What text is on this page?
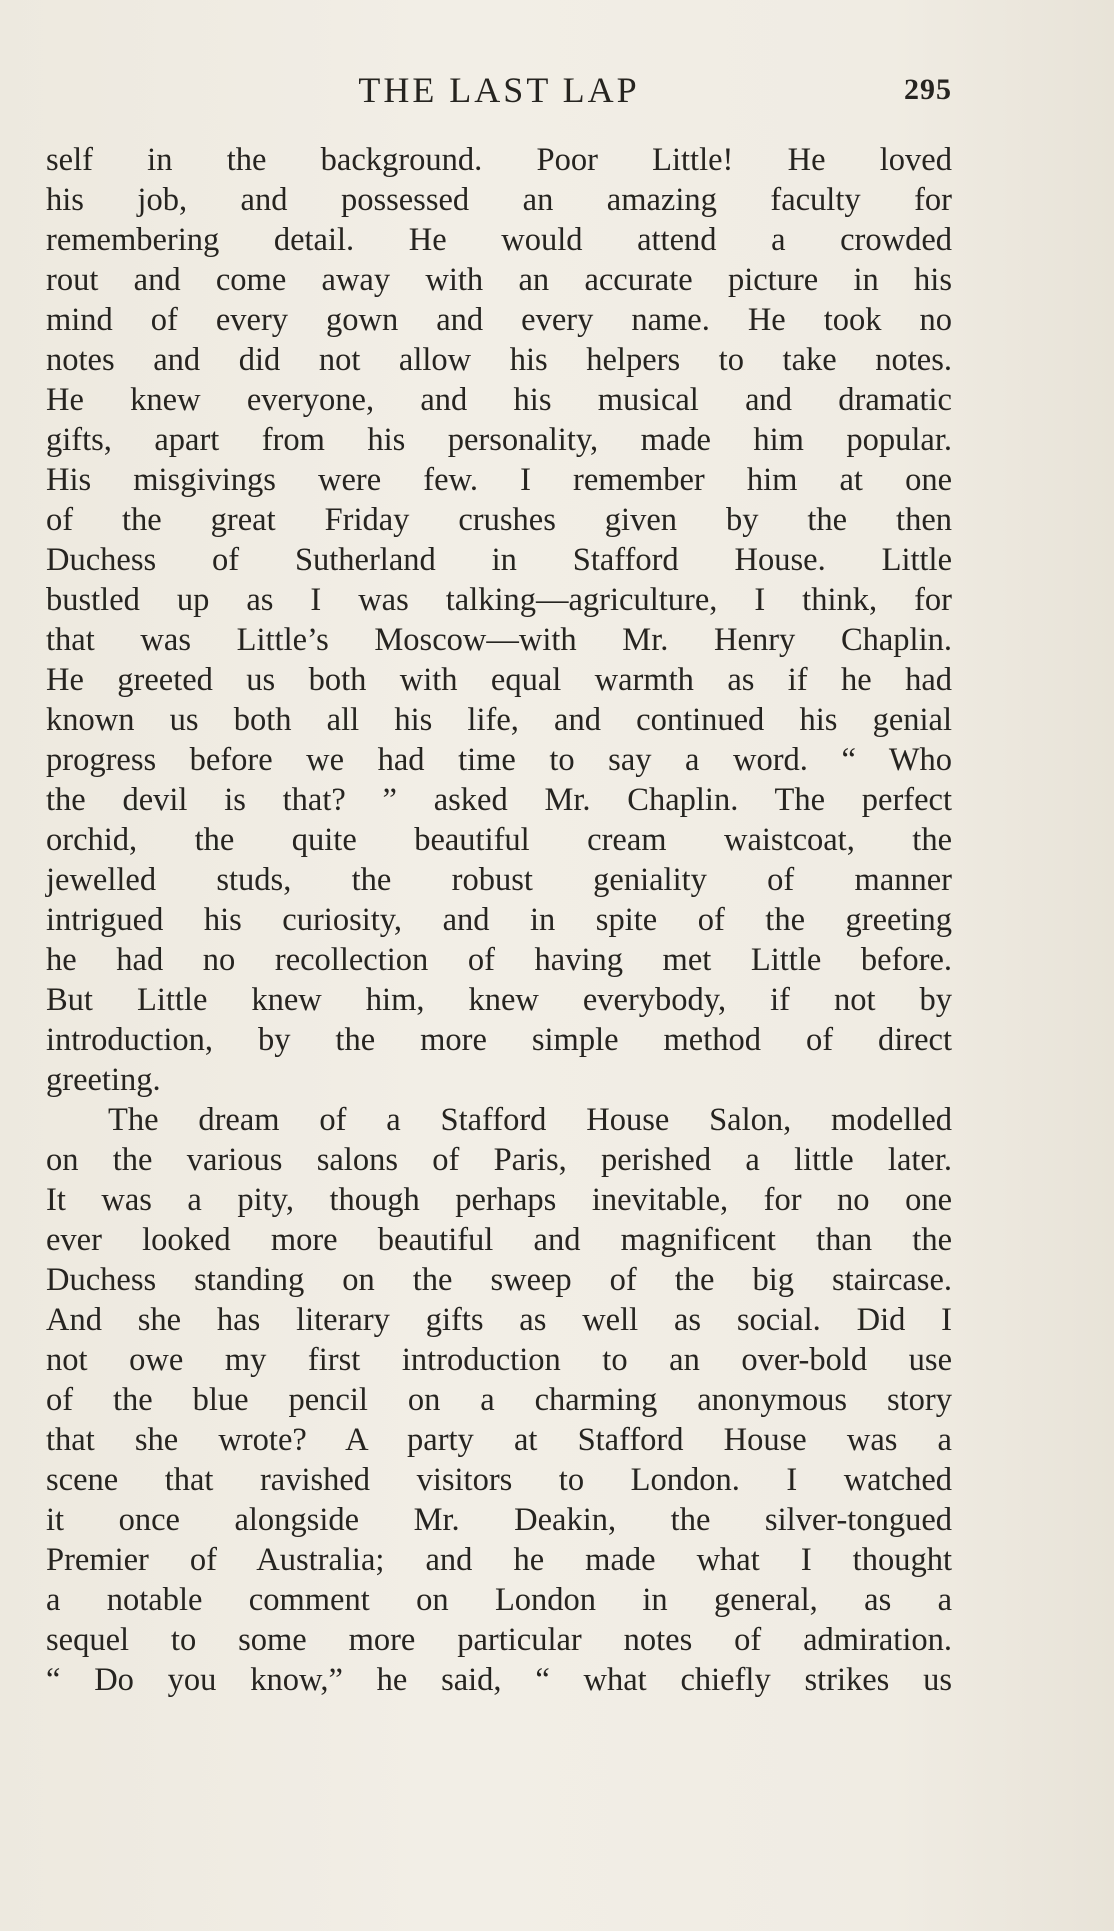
THE LAST LAP	295
self in the background. Poor Little! He loved
his job, and possessed an amazing faculty for
remembering detail. He would attend a crowded
rout and come away with an accurate picture in his
mind of every gown and every name. He took no
notes and did not allow his helpers to take notes.
He knew everyone, and his musical and dramatic
gifts, apart from his personality, made him popular.
His misgivings were few. I remember him at one
of the great Friday crushes given by the then
Duchess of Sutherland in Stafford House. Little
bustled up as I was talking—agriculture, I think, for
that was Little’s Moscow—with Mr. Henry Chaplin.
He greeted us both with equal warmth as if he had
known us both all his life, and continued his genial
progress before we had time to say a word. “ Who
the devil is that? ” asked Mr. Chaplin. The perfect
orchid, the quite beautiful cream waistcoat, the
jewelled studs, the robust geniality of manner
intrigued his curiosity, and in spite of the greeting
he had no recollection of having met Little before.
But Little knew him, knew everybody, if not by
introduction, by the more simple method of direct
greeting.
The dream of a Stafford House Salon, modelled
on the various salons of Paris, perished a little later.
It was a pity, though perhaps inevitable, for no one
ever looked more beautiful and magnificent than the
Duchess standing on the sweep of the big staircase.
And she has literary gifts as well as social. Did I
not owe my first introduction to an over-bold use
of the blue pencil on a charming anonymous story
that she wrote? A party at Stafford House was a
scene that ravished visitors to London. I watched
it once alongside Mr. Deakin, the silver-tongued
Premier of Australia; and he made what I thought
a notable comment on London in general, as a
sequel to some more particular notes of admiration.
“ Do you know,” he said, “ what chiefly strikes us
